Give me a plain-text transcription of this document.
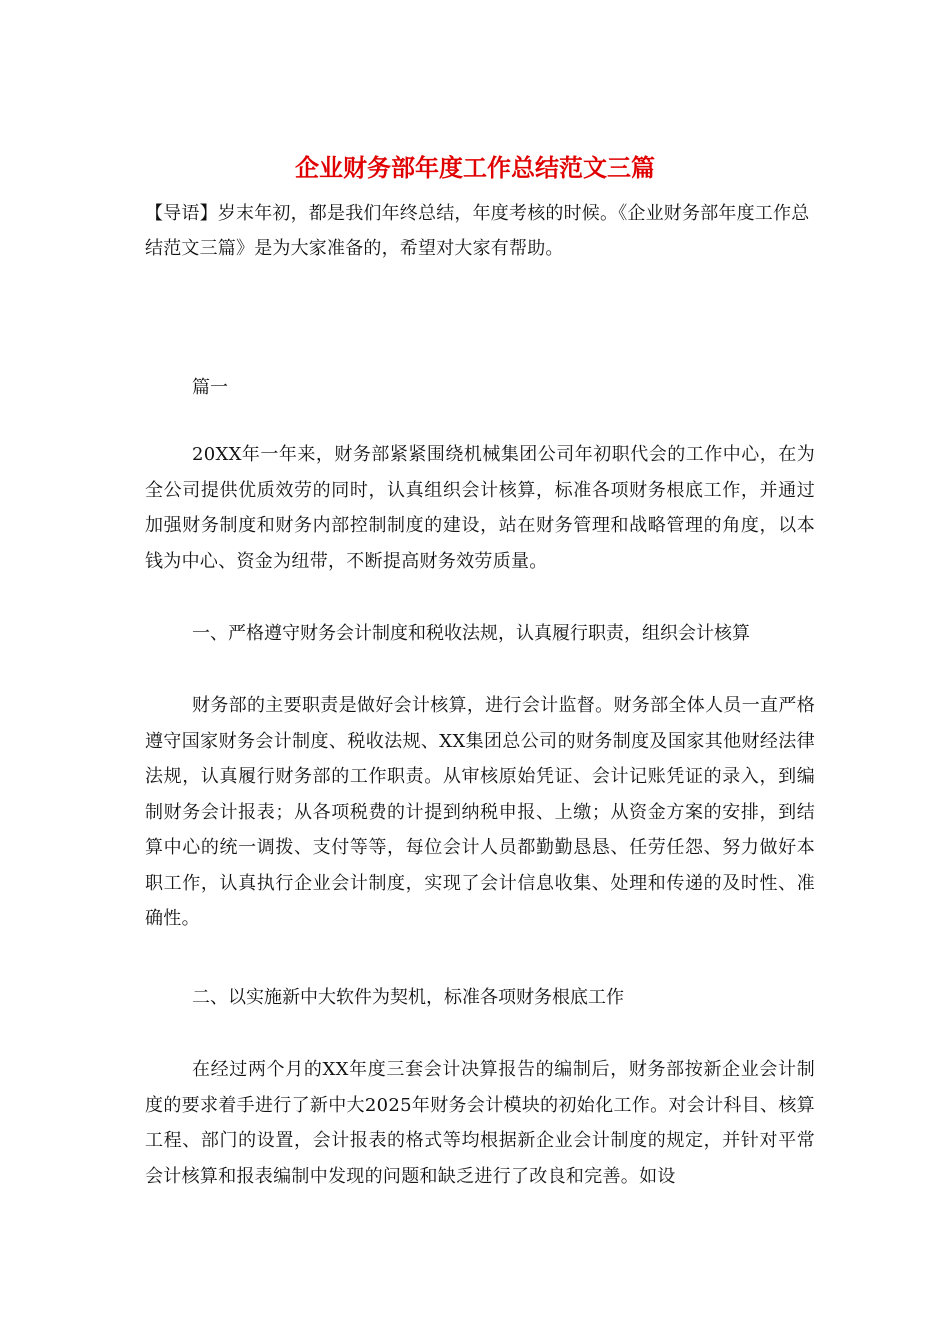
企业财务部年度工作总结范文三篇

【导语】岁末年初，都是我们年终总结，年度考核的时候。《企业财务部年度工作总结范文三篇》是为大家准备的，希望对大家有帮助。

篇一

20XX年一年来，财务部紧紧围绕机械集团公司年初职代会的工作中心，在为全公司提供优质效劳的同时，认真组织会计核算，标准各项财务根底工作，并通过加强财务制度和财务内部控制制度的建设，站在财务管理和战略管理的角度，以本钱为中心、资金为纽带，不断提高财务效劳质量。

一、严格遵守财务会计制度和税收法规，认真履行职责，组织会计核算

财务部的主要职责是做好会计核算，进行会计监督。财务部全体人员一直严格遵守国家财务会计制度、税收法规、XX集团总公司的财务制度及国家其他财经法律法规，认真履行财务部的工作职责。从审核原始凭证、会计记账凭证的录入，到编制财务会计报表；从各项税费的计提到纳税申报、上缴；从资金方案的安排，到结算中心的统一调拨、支付等等，每位会计人员都勤勤恳恳、任劳任怨、努力做好本职工作，认真执行企业会计制度，实现了会计信息收集、处理和传递的及时性、准确性。

二、以实施新中大软件为契机，标准各项财务根底工作

在经过两个月的XX年度三套会计决算报告的编制后，财务部按新企业会计制度的要求着手进行了新中大2025年财务会计模块的初始化工作。对会计科目、核算工程、部门的设置，会计报表的格式等均根据新企业会计制度的规定，并针对平常会计核算和报表编制中发现的问题和缺乏进行了改良和完善。如设
